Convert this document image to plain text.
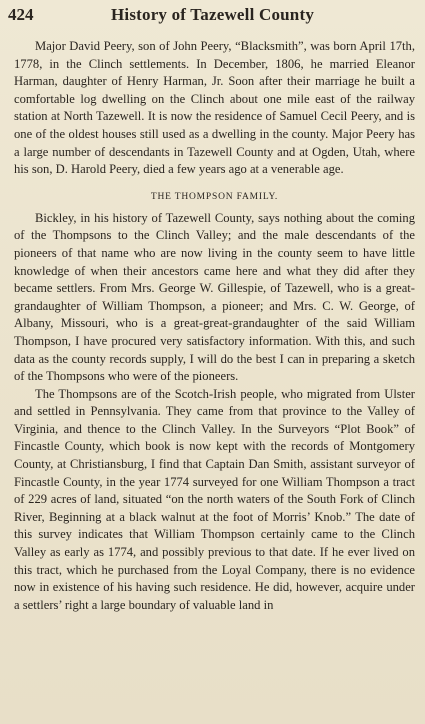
424	History of Tazewell County

Major David Peery, son of John Peery, “Blacksmith”, was born April 17th, 1778, in the Clinch settlements. In December, 1806, he married Eleanor Harman, daughter of Henry Harman, Jr. Soon after their marriage he built a comfortable log dwelling on the Clinch about one mile east of the railway station at North Tazewell. It is now the residence of Samuel Cecil Peery, and is one of the oldest houses still used as a dwelling in the county. Major Peery has a large number of descendants in Tazewell County and at Ogden, Utah, where his son, D. Harold Peery, died a few years ago at a venerable age.

THE THOMPSON FAMILY.

Bickley, in his history of Tazewell County, says nothing about the coming of the Thompsons to the Clinch Valley; and the male descendants of the pioneers of that name who are now living in the county seem to have little knowledge of when their ancestors came here and what they did after they became settlers. From Mrs. George W. Gillespie, of Tazewell, who is a great-grandaughter of William Thompson, a pioneer; and Mrs. C. W. George, of Albany, Missouri, who is a great-great-grandaughter of the said William Thompson, I have procured very satisfactory information. With this, and such data as the county records supply, I will do the best I can in preparing a sketch of the Thompsons who were of the pioneers.

The Thompsons are of the Scotch-Irish people, who migrated from Ulster and settled in Pennsylvania. They came from that province to the Valley of Virginia, and thence to the Clinch Valley. In the Surveyors “Plot Book” of Fincastle County, which book is now kept with the records of Montgomery County, at Christiansburg, I find that Captain Dan Smith, assistant surveyor of Fincastle County, in the year 1774 surveyed for one William Thompson a tract of 229 acres of land, situated “on the north waters of the South Fork of Clinch River, Beginning at a black walnut at the foot of Morris’ Knob.” The date of this survey indicates that William Thompson certainly came to the Clinch Valley as early as 1774, and possibly previous to that date. If he ever lived on this tract, which he purchased from the Loyal Company, there is no evidence now in existence of his having such residence. He did, however, acquire under a settlers’ right a large boundary of valuable land in
